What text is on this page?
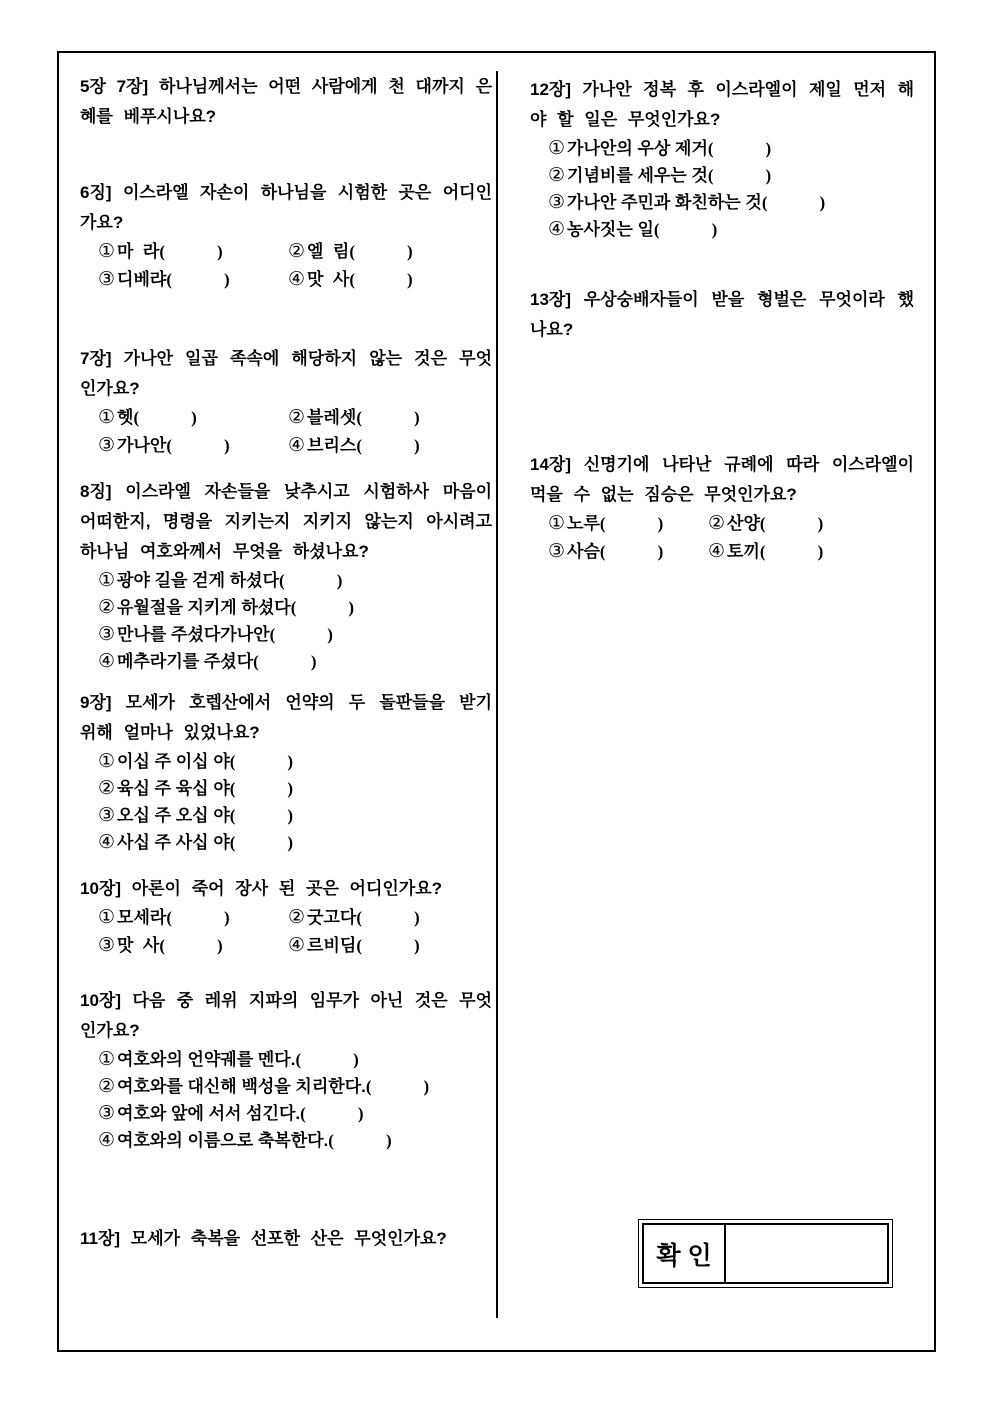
5장 7장] 하나님께서는 어떤 사람에게 천 대까지 은혜를 베푸시나요?
6징] 이스라엘 자손이 하나님을 시험한 곳은 어디인가요?
① 마  라(	)	② 엘  림(	)
③ 디베랴(	)	④ 맛  사(	)
7장] 가나안 일곱 족속에 해당하지 않는 것은 무엇인가요?
① 헷(	)	② 블레셋(	)
③ 가나안(	)	④ 브리스(	)
8징] 이스라엘 자손들을 낮추시고 시험하사 마음이 어떠한지, 명령을 지키는지 지키지 않는지 아시려고 하나님 여호와께서 무엇을 하셨나요?
① 광야 길을 걷게 하셨다(	)
② 유월절을 지키게 하셨다(	)
③ 만나를 주셨다가나안(	)
④ 메추라기를 주셨다(	)
9장] 모세가 호렙산에서 언약의 두 돌판들을 받기 위해 얼마나 있었나요?
① 이십 주 이십 야(	)
② 육십 주 육십 야(	)
③ 오십 주 오십 야(	)
④ 사십 주 사십 야(	)
10장] 아론이 죽어 장사 된 곳은 어디인가요?
① 모세라(	)	② 굿고다(	)
③ 맛  사(	)	④ 르비딤(	)
10장] 다음 중 레위 지파의 임무가 아닌 것은 무엇인가요?
① 여호와의 언약궤를 멘다.(	)
② 여호와를 대신해 백성을 치리한다.(	)
③ 여호와 앞에 서서 섬긴다.(	)
④ 여호와의 이름으로 축복한다.(	)
11장] 모세가 축복을 선포한 산은 무엇인가요?
12장] 가나안 정복 후 이스라엘이 제일 먼저 해야 할 일은 무엇인가요?
① 가나안의 우상 제거(	)
② 기념비를 세우는 것(	)
③ 가나안 주민과 화친하는 것(	)
④ 농사짓는 일(	)
13장] 우상숭배자들이 받을 형벌은 무엇이라 했나요?
14장] 신명기에 나타난 규례에 따라 이스라엘이 먹을 수 없는 짐승은 무엇인가요?
① 노루(	) ② 산양(	)
③ 사슴(	) ④ 토끼(	)
확 인
